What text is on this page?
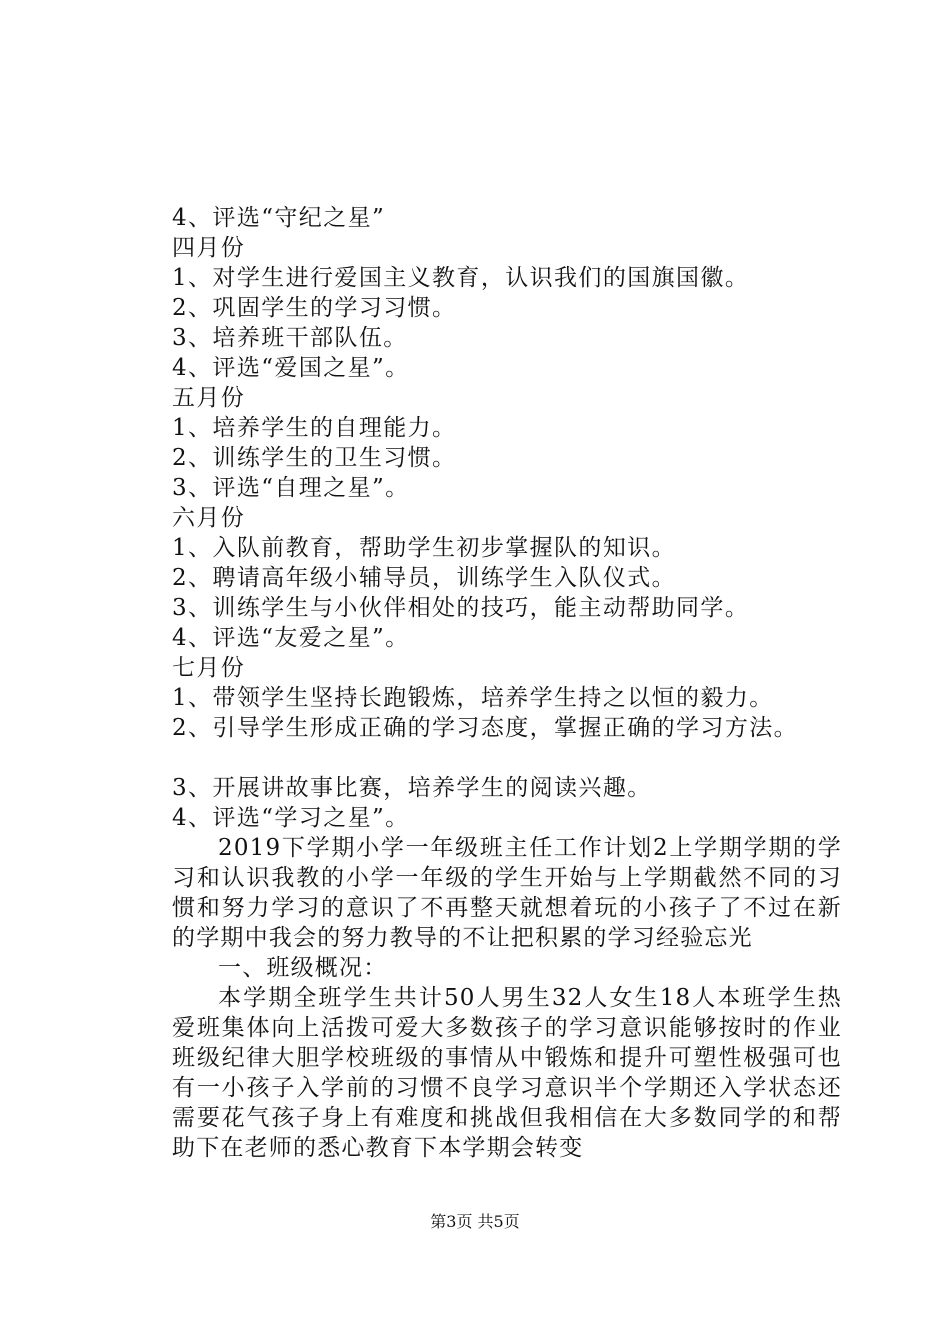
4、评选“守纪之星”
四月份
1、对学生进行爱国主义教育，认识我们的国旗国徽。
2、巩固学生的学习习惯。
3、培养班干部队伍。
4、评选“爱国之星”。
五月份
1、培养学生的自理能力。
2、训练学生的卫生习惯。
3、评选“自理之星”。
六月份
1、入队前教育，帮助学生初步掌握队的知识。
2、聘请高年级小辅导员，训练学生入队仪式。
3、训练学生与小伙伴相处的技巧，能主动帮助同学。
4、评选“友爱之星”。
七月份
1、带领学生坚持长跑锻炼，培养学生持之以恒的毅力。
2、引导学生形成正确的学习态度，掌握正确的学习方法。
3、开展讲故事比赛，培养学生的阅读兴趣。
4、评选“学习之星”。
2019下学期小学一年级班主任工作计划2上学期学期的学习和认识我教的小学一年级的学生开始与上学期截然不同的习惯和努力学习的意识了不再整天就想着玩的小孩子了不过在新的学期中我会的努力教导的不让把积累的学习经验忘光
一、班级概况：
本学期全班学生共计50人男生32人女生18人本班学生热爱班集体向上活拨可爱大多数孩子的学习意识能够按时的作业班级纪律大胆学校班级的事情从中锻炼和提升可塑性极强可也有一小孩子入学前的习惯不良学习意识半个学期还入学状态还需要花气孩子身上有难度和挑战但我相信在大多数同学的和帮助下在老师的悉心教育下本学期会转变
第3页 共5页
